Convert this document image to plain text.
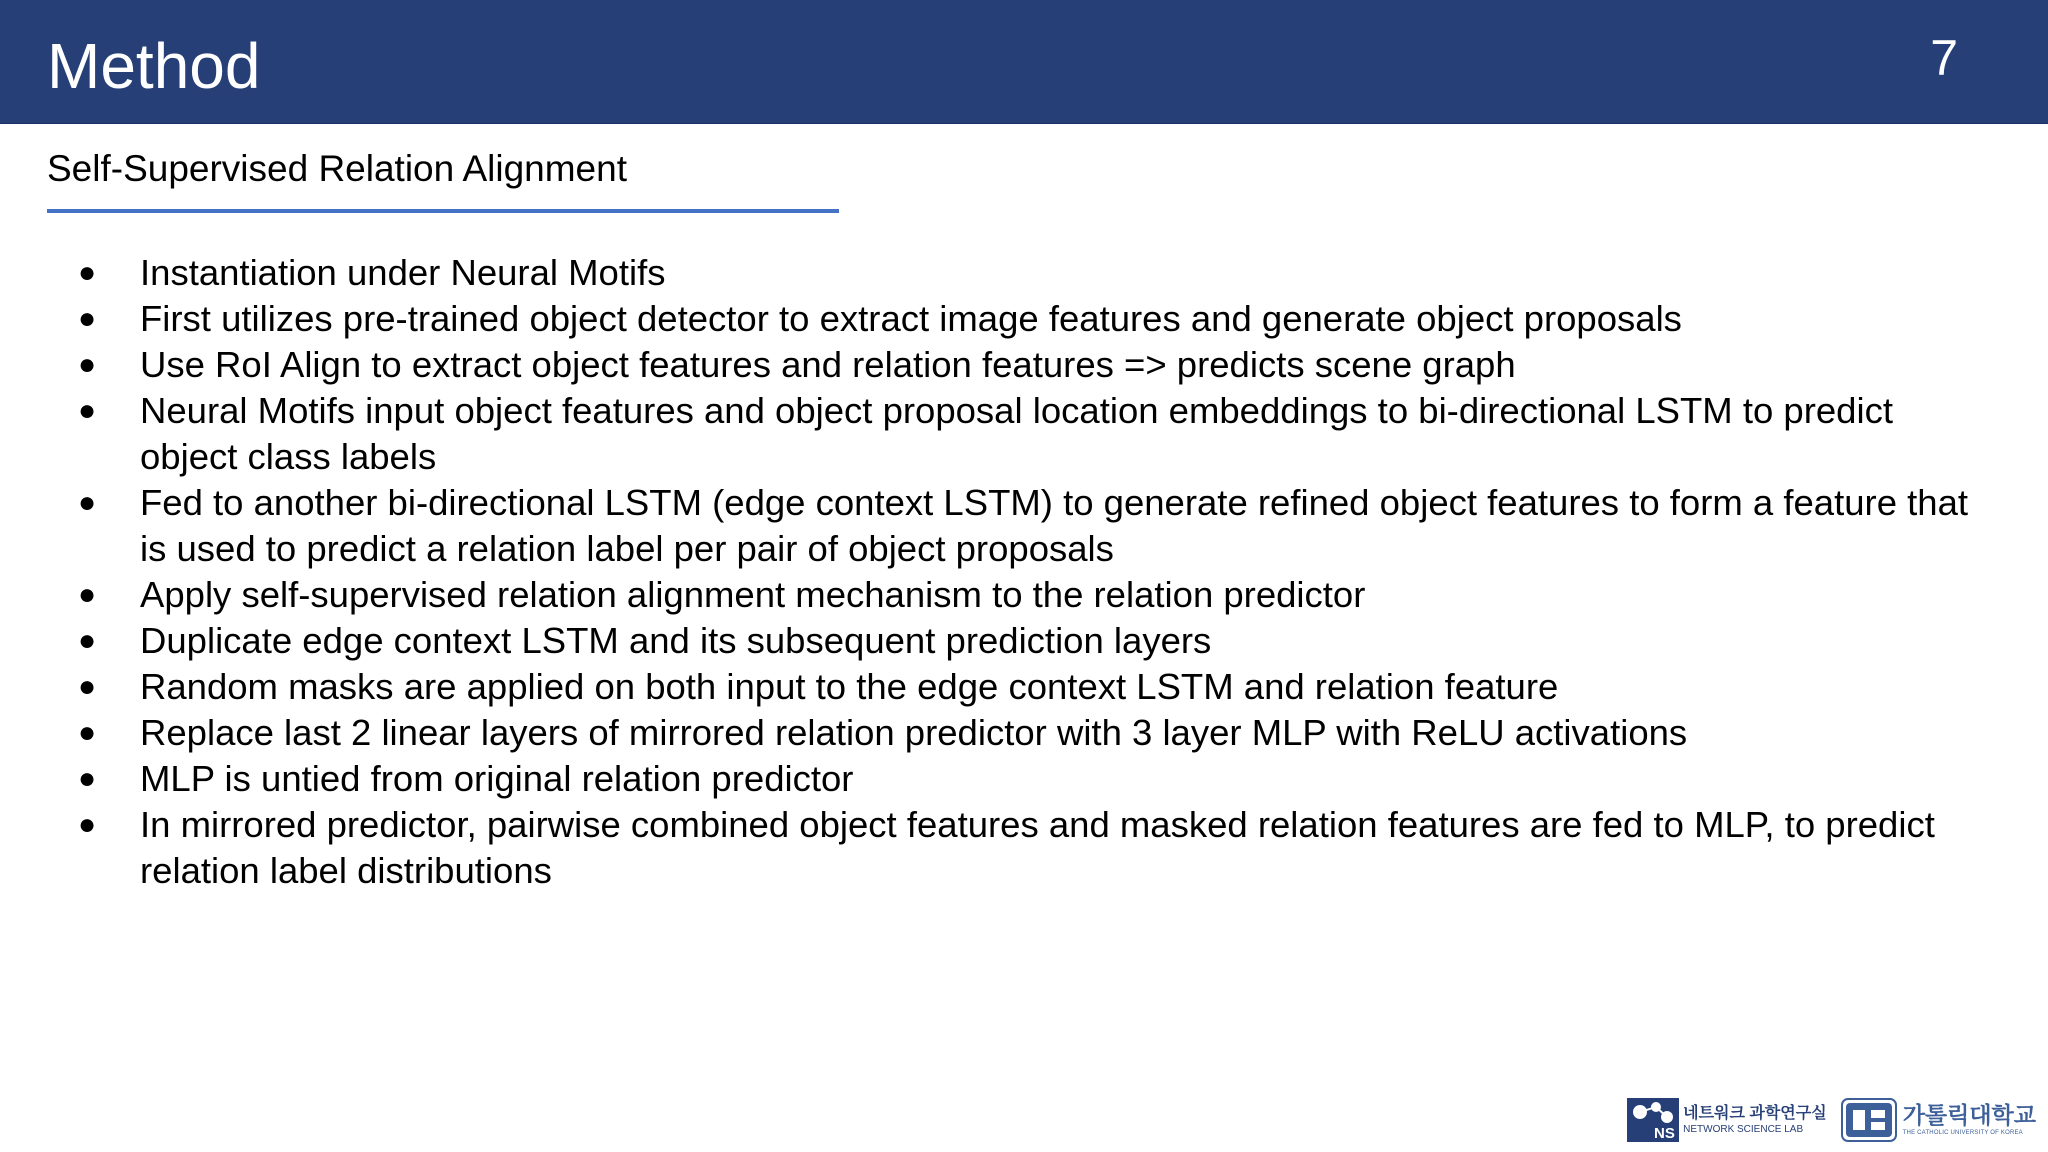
Method	7
Self-Supervised Relation Alignment
●	Instantiation under Neural Motifs
●	First utilizes pre-trained object detector to extract image features and generate object proposals
●	Use RoI Align to extract object features and relation features => predicts scene graph
●	Neural Motifs input object features and object proposal location embeddings to bi-directional LSTM to predict object class labels
●	Fed to another bi-directional LSTM (edge context LSTM) to generate refined object features to form a feature that is used to predict a relation label per pair of object proposals
●	Apply self-supervised relation alignment mechanism to the relation predictor
●	Duplicate edge context LSTM and its subsequent prediction layers
●	Random masks are applied on both input to the edge context LSTM and relation feature
●	Replace last 2 linear layers of mirrored relation predictor with 3 layer MLP with ReLU activations
●	MLP is untied from original relation predictor
●	In mirrored predictor, pairwise combined object features and masked relation features are fed to MLP, to predict relation label distributions
NS
네트워크 과학연구실
NETWORK SCIENCE LAB
가톨릭대학교
THE CATHOLIC UNIVERSITY OF KOREA
